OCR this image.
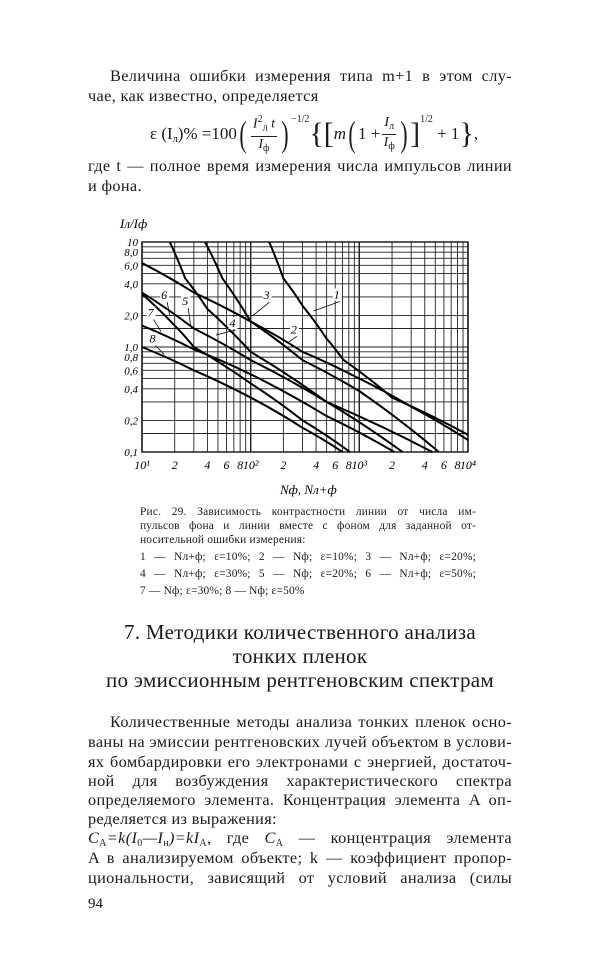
Величина ошибки измерения типа m+1 в этом слу-
чае, как известно, определяется
ε $(I_л)\% =100$ ( $\frac{I^2_л t}{I_ф} )^{-1/2}$ {[ m ( $1 + \frac{I_л}{I_ф}$ ) ]$^{1/2}$

+ 1 } ,
где t — полное время измерения числа импульсов линии
и фона.
10
8,0
6,0
4,0
2,0
1,0
0,8
0,6
0,4
0,2
0,1
10¹ 2 4 6 8 10² 2 4 6 8 10³ 2 4 6 8 10⁴
1
2
3
4
5
6
7
8
Iл/Iф
Nф, Nл+ф
Рис. 29. Зависимость контрастности линии от числа им-
пульсов фона и линии вместе с фоном для заданной от-
носительной ошибки измерения:
1 — Nл+ф; ε=10%; 2 — Nф; ε=10%; 3 — Nл+ф; ε=20%;
4 — Nл+ф; ε=30%; 5 — Nф; ε=20%; 6 — Nл+ф; ε=50%;
7 — Nф; ε=30%; 8 — Nф; ε=50%
7. Методики количественного анализа
тонких пленок
по эмиссионным рентгеновским спектрам
Количественные методы анализа тонких пленок осно-
ваны на эмиссии рентгеновских лучей объектом в услови-
ях бомбардировки его электронами с энергией, достаточ-
ной для возбуждения характеристического спектра
определяемого элемента. Концентрация элемента A оп-
ределяется из выражения:
$C_A=k(I_0—I_н)=kI_A$, где $C_A$ — концентрация элемента
A в анализируемом объекте; k — коэффициент пропор-
циональности, зависящий от условий анализа (силы
94
